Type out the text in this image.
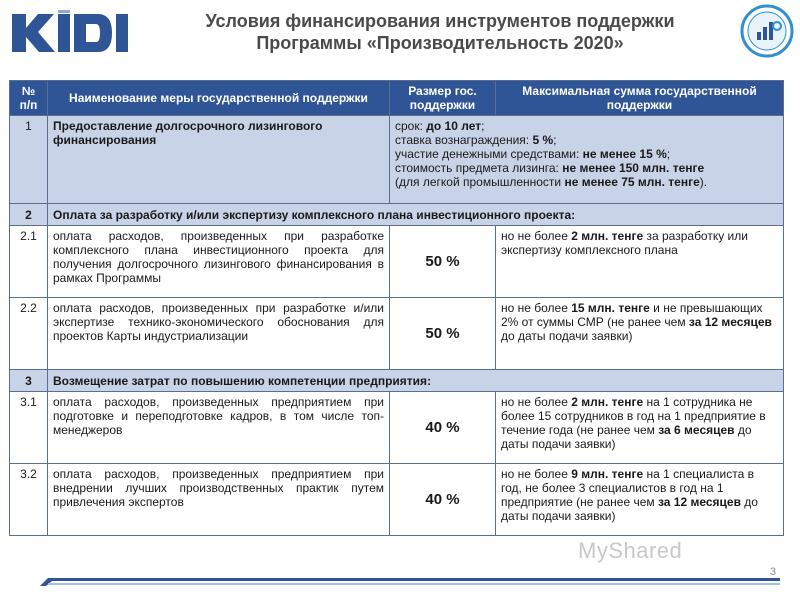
Условия финансирования инструментов поддержки
Программы «Производительность 2020»
№ п/п	Наименование меры государственной поддержки	Размер гос. поддержки	Максимальная сумма государственной поддержки
1	Предоставление долгосрочного лизингового финансирования	срок: до 10 лет;
ставка вознаграждения: 5 %;
участие денежными средствами: не менее 15 %;
стоимость предмета лизинга: не менее 150 млн. тенге
(для легкой промышленности не менее 75 млн. тенге).	

2	Оплата за разработку и/или экспертизу комплексного плана инвестиционного проекта:		
2.1	оплата расходов, произведенных при разработке комплексного плана инвестиционного проекта для получения долгосрочного лизингового финансирования в рамках Программы	50 %	но не более 2 млн. тенге за разработку или экспертизу комплексного плана
2.2	оплата расходов, произведенных при разработке и/или экспертизе технико-экономического обоснования для проектов Карты индустриализации	50 %	но не более 15 млн. тенге и не превышающих 2% от суммы СМР (не ранее чем за 12 месяцев до даты подачи заявки)
3	Возмещение затрат по повышению компетенции предприятия:		
3.1	оплата расходов, произведенных предприятием при подготовке и переподготовке кадров, в том числе топ-менеджеров	40 %	но не более 2 млн. тенге на 1 сотрудника не более 15 сотрудников в год на 1 предприятие в течение года (не ранее чем за 6 месяцев до даты подачи заявки)
3.2	оплата расходов, произведенных предприятием при внедрении лучших производственных практик путем привлечения экспертов	40 %	но не более 9 млн. тенге на 1 специалиста в год, не более 3 специалистов в год на 1 предприятие (не ранее чем за 12 месяцев до даты подачи заявки)
MyShared
3
